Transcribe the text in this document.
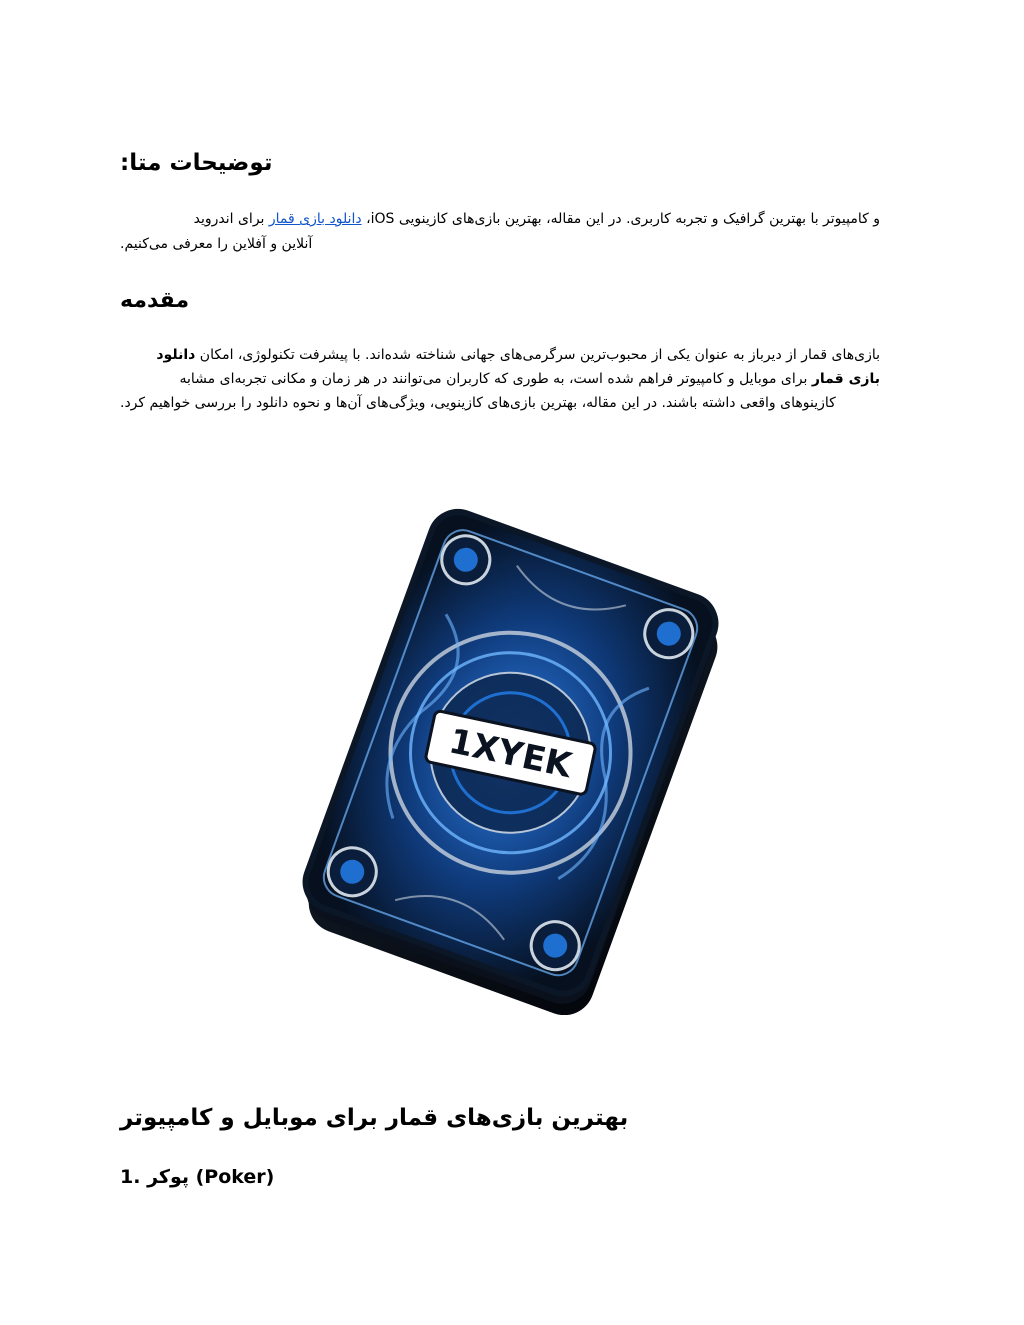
توضیحات متا:
و کامپیوتر با بهترین گرافیک و تجربه کاربری. در این مقاله، بهترین بازی‌های کازینویی iOS، دانلود بازی قمار برای اندروید
آنلاین و آفلاین را معرفی می‌کنیم.
مقدمه
بازی‌های قمار از دیرباز به عنوان یکی از محبوب‌ترین سرگرمی‌های جهانی شناخته شده‌اند. با پیشرفت تکنولوژی، امکان دانلود
بازی قمار برای موبایل و کامپیوتر فراهم شده است، به طوری که کاربران می‌توانند در هر زمان و مکانی تجربه‌ای مشابه
کازینوهای واقعی داشته باشند. در این مقاله، بهترین بازی‌های کازینویی، ویژگی‌های آن‌ها و نحوه دانلود را بررسی خواهیم کرد.
1XYEK
بهترین بازی‌های قمار برای موبایل و کامپیوتر
1. پوکر (Poker)
